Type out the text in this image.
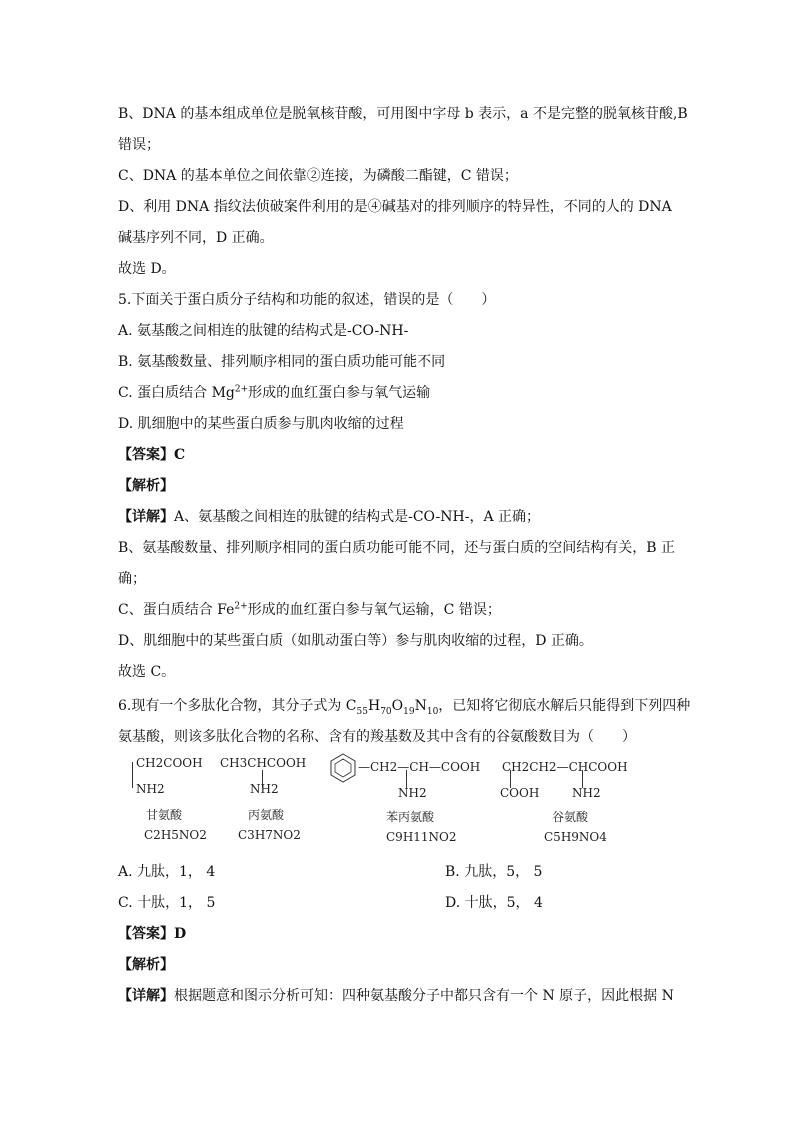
B、DNA 的基本组成单位是脱氧核苷酸，可用图中字母 b 表示，a 不是完整的脱氧核苷酸,B
错误；
C、DNA 的基本单位之间依靠②连接，为磷酸二酯键，C 错误；
D、利用 DNA 指纹法侦破案件利用的是④碱基对的排列顺序的特异性，不同的人的 DNA
碱基序列不同，D 正确。
故选 D。
5.下面关于蛋白质分子结构和功能的叙述，错误的是（　　）
A. 氨基酸之间相连的肽键的结构式是-CO-NH-
B. 氨基酸数量、排列顺序相同的蛋白质功能可能不同
C. 蛋白质结合 $Mg^{2+}$形成的血红蛋白参与氧气运输
D. 肌细胞中的某些蛋白质参与肌肉收缩的过程
【答案】C
【解析】
【详解】A、氨基酸之间相连的肽键的结构式是-CO-NH-，A 正确；
B、氨基酸数量、排列顺序相同的蛋白质功能可能不同，还与蛋白质的空间结构有关，B 正
确；
C、蛋白质结合 $Fe^{2+}$形成的血红蛋白参与氧气运输，C 错误；
D、肌细胞中的某些蛋白质（如肌动蛋白等）参与肌肉收缩的过程，D 正确。
故选 C。
6.现有一个多肽化合物，其分子式为 $C_{55}H_{70}O_{19}N_{10}$，已知将它彻底水解后只能得到下列四种
氨基酸，则该多肽化合物的名称、含有的羧基数及其中含有的谷氨酸数目为（　　）
CH2COOH
NH2
甘氨酸
C2H5NO2
CH3CHCOOH
NH2
丙氨酸
C3H7NO2
—CH2—CH—COOH
NH2
苯丙氨酸
C9H11NO2
CH2CH2—CHCOOH
COOH	NH2
谷氨酸
C5H9NO4
A. 九肽，1， 4	B. 九肽，5， 5
C. 十肽，1， 5	D. 十肽，5， 4
【答案】D
【解析】
【详解】根据题意和图示分析可知：四种氨基酸分子中都只含有一个 N 原子，因此根据 N
